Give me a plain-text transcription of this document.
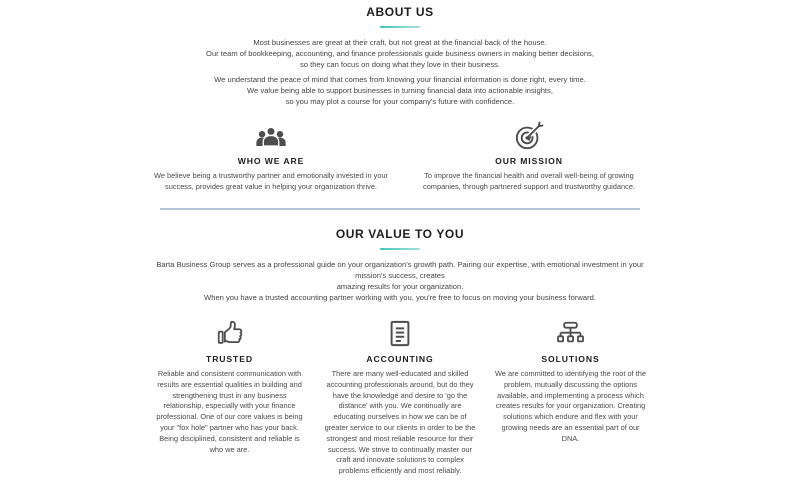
ABOUT US
Most businesses are great at their craft, but not great at the financial back of the house.
Our team of bookkeeping, accounting, and finance professionals guide business owners in making better decisions,
so they can focus on doing what they love in their business.
We understand the peace of mind that comes from knowing your financial information is done right, every time.
We value being able to support businesses in turning financial data into actionable insights,
so you may plot a course for your company's future with confidence.
WHO WE ARE
We believe being a trustworthy partner and emotionally invested in your success, provides great value in helping your organization thrive.
OUR MISSION
To improve the financial health and overall well-being of growing companies, through partnered support and trustworthy guidance.
OUR VALUE TO YOU
Barta Business Group serves as a professional guide on your organization's growth path. Pairing our expertise, with emotional investment in your mission's success, creates
amazing results for your organization.
When you have a trusted accounting partner working with you, you're free to focus on moving your business forward.
TRUSTED
Reliable and consistent communication with results are essential qualities in building and strengthening trust in any business relationship, especially with your finance professional. One of our core values is being your "fox hole" partner who has your back. Being disciplined, consistent and reliable is who we are.
ACCOUNTING
There are many well-educated and skilled accounting professionals around, but do they have the knowledge and desire to 'go the distance' with you. We continually are educating ourselves in how we can be of greater service to our clients in order to be the strongest and most reliable resource for their success. We strive to continually master our craft and innovate solutions to complex problems efficiently and most reliably.
SOLUTIONS
We are committed to identifying the root of the problem, mutually discussing the options available, and implementing a process which creates results for your organization. Creating solutions which endure and flex with your growing needs are an essential part of our DNA.
